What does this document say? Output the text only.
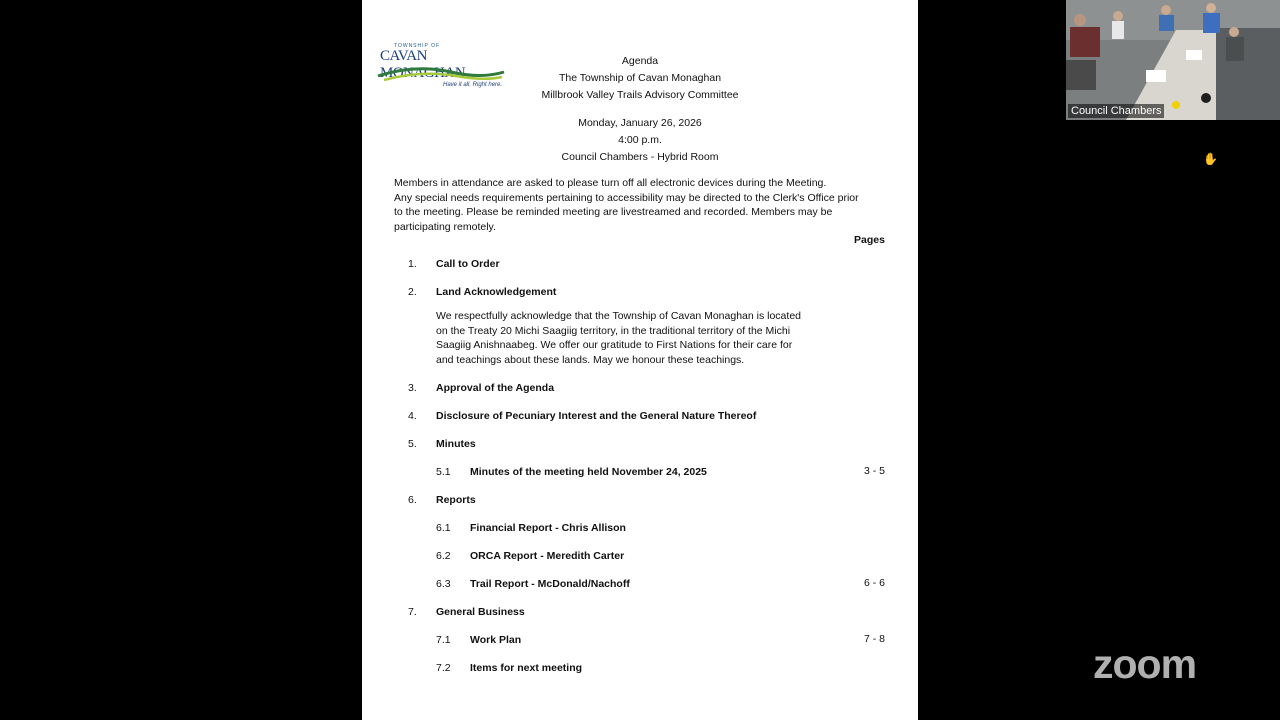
TOWNSHIP OF
CAVAN MONAGHAN
Have it all. Right here.
Agenda
The Township of Cavan Monaghan
Millbrook Valley Trails Advisory Committee
Monday, January 26, 2026
4:00 p.m.
Council Chambers - Hybrid Room
Members in attendance are asked to please turn off all electronic devices during the Meeting.
Any special needs requirements pertaining to accessibility may be directed to the Clerk's Office prior
to the meeting. Please be reminded meeting are livestreamed and recorded. Members may be
participating remotely.
Pages
1. Call to Order
2. Land Acknowledgement
We respectfully acknowledge that the Township of Cavan Monaghan is located
on the Treaty 20 Michi Saagiig territory, in the traditional territory of the Michi
Saagiig Anishnaabeg. We offer our gratitude to First Nations for their care for
and teachings about these lands. May we honour these teachings.
3. Approval of the Agenda
4. Disclosure of Pecuniary Interest and the General Nature Thereof
5. Minutes
5.1 Minutes of the meeting held November 24, 2025	3 - 5
6. Reports
6.1 Financial Report - Chris Allison
6.2 ORCA Report - Meredith Carter
6.3 Trail Report - McDonald/Nachoff	6 - 6
7. General Business
7.1 Work Plan	7 - 8
7.2 Items for next meeting
Council Chambers
✋
zoom
